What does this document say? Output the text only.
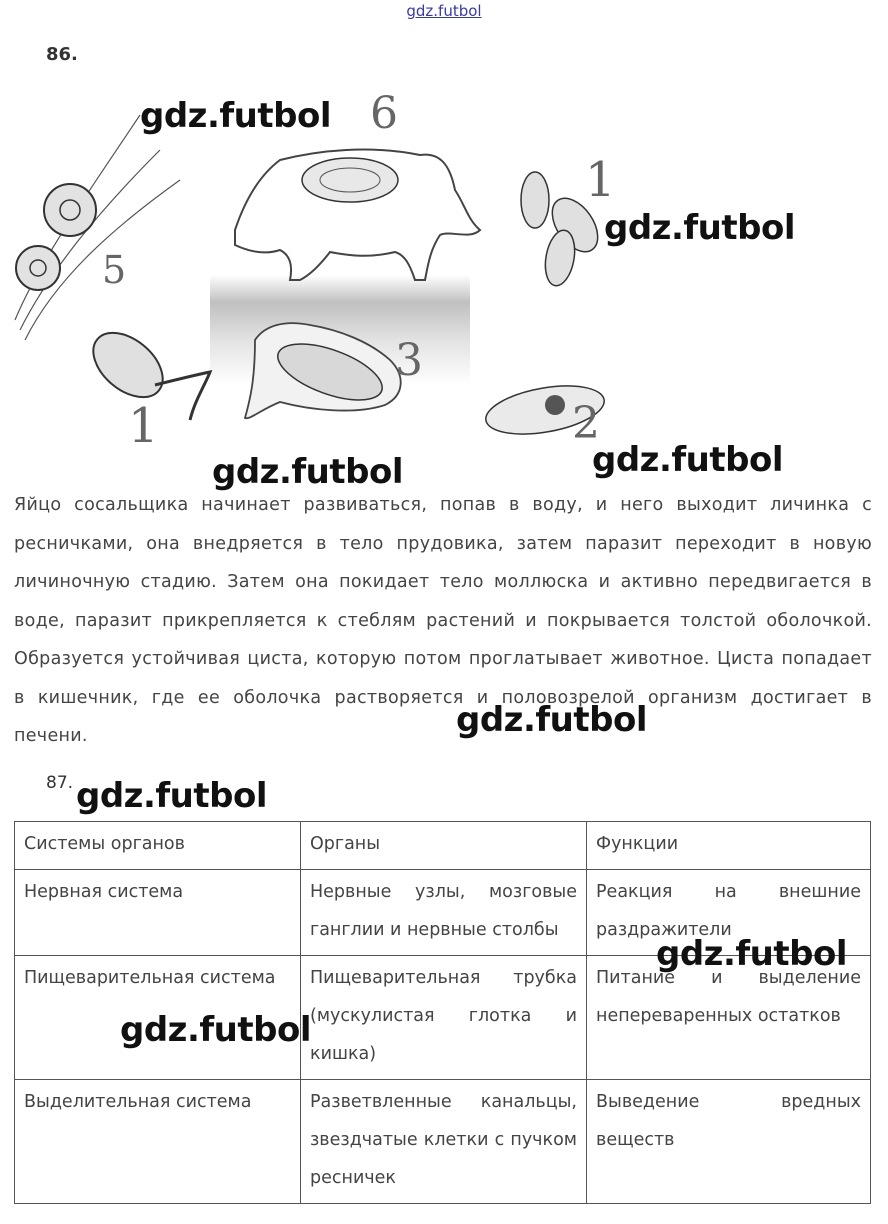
gdz.futbol
86.
6
1
5
1
3
2
gdz.futbol
gdz.futbol
gdz.futbol	gdz.futbol
Яйцо сосальщика начинает развиваться, попав в воду, и него выходит личинка с ресничками, она внедряется в тело прудовика, затем паразит переходит в новую личиночную стадию. Затем она покидает тело моллюска и активно передвигается в воде, паразит прикрепляется к стеблям растений и покрывается толстой оболочкой. Образуется устойчивая циста, которую потом проглатывает животное. Циста попадает в кишечник, где ее оболочка растворяется и половозрелой организм достигает в печени.	gdz.futbol
87. gdz.futbol
Системы органов	Органы	Функции
Нервная система	Нервные узлы, мозговые ганглии и нервные столбы	Реакция на внешние раздражители
Пищеварительная система	Пищеварительная трубка (мускулистая глотка и кишка)	Питание и выделение непереваренных остатков
Выделительная система	Разветвленные канальцы, звездчатые клетки с пучком ресничек	Выведение вредных веществ
gdz.futbol
gdz.futbol
